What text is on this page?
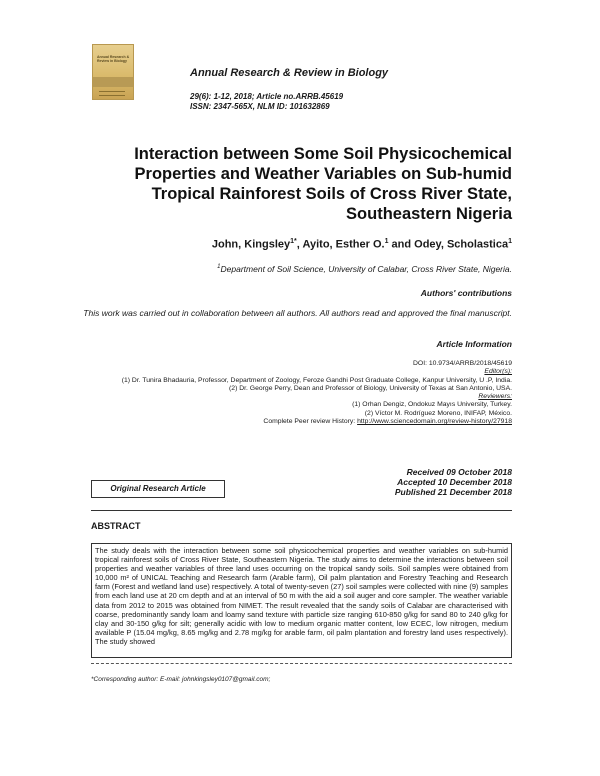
Annual Research & Review in Biology
Annual Research & Review in Biology
29(6): 1-12, 2018; Article no.ARRB.45619
ISSN: 2347-565X, NLM ID: 101632869
Interaction between Some Soil Physicochemical Properties and Weather Variables on Sub-humid Tropical Rainforest Soils of Cross River State, Southeastern Nigeria
John, Kingsley$^{1*}$, Ayito, Esther O.$^1$ and Odey, Scholastica$^1$
$^1$Department of Soil Science, University of Calabar, Cross River State, Nigeria.
Authors' contributions
This work was carried out in collaboration between all authors. All authors read and approved the final manuscript.
Article Information
DOI: 10.9734/ARRB/2018/45619
Editor(s):
(1) Dr. Tunira Bhadauria, Professor, Department of Zoology, Feroze Gandhi Post Graduate College, Kanpur University, U .P, India.
(2) Dr. George Perry, Dean and Professor of Biology, University of Texas at San Antonio, USA.
Reviewers:
(1) Orhan Dengiz, Ondokuz Mayıs University, Turkey.
(2) Víctor M. Rodríguez Moreno, INIFAP, México.
Complete Peer review History: http://www.sciencedomain.org/review-history/27918
Received 09 October 2018
Accepted 10 December 2018
Published 21 December 2018
Original Research Article
ABSTRACT
The study deals with the interaction between some soil physicochemical properties and weather variables on sub-humid tropical rainforest soils of Cross River State, Southeastern Nigeria. The study aims to determine the interactions between soil properties and weather variables of three land uses occurring on the tropical sandy soils. Soil samples were obtained from 10,000 m² of UNICAL Teaching and Research farm (Arable farm), Oil palm plantation and Forestry Teaching and Research farm (Forest and wetland land use) respectively. A total of twenty-seven (27) soil samples were collected with nine (9) samples from each land use at 20 cm depth and at an interval of 50 m with the aid a soil auger and core sampler. The weather variable data from 2012 to 2015 was obtained from NIMET. The result revealed that the sandy soils of Calabar are characterised with coarse, predominantly sandy loam and loamy sand texture with particle size ranging 610-850 g/kg for sand 80 to 240 g/kg for clay and 30-150 g/kg for silt; generally acidic with low to medium organic matter content, low ECEC, low nitrogen, medium available P (15.04 mg/kg, 8.65 mg/kg and 2.78 mg/kg for arable farm, oil palm plantation and forestry land uses respectively). The study showed
*Corresponding author: E-mail: johnkingsley0107@gmail.com;
